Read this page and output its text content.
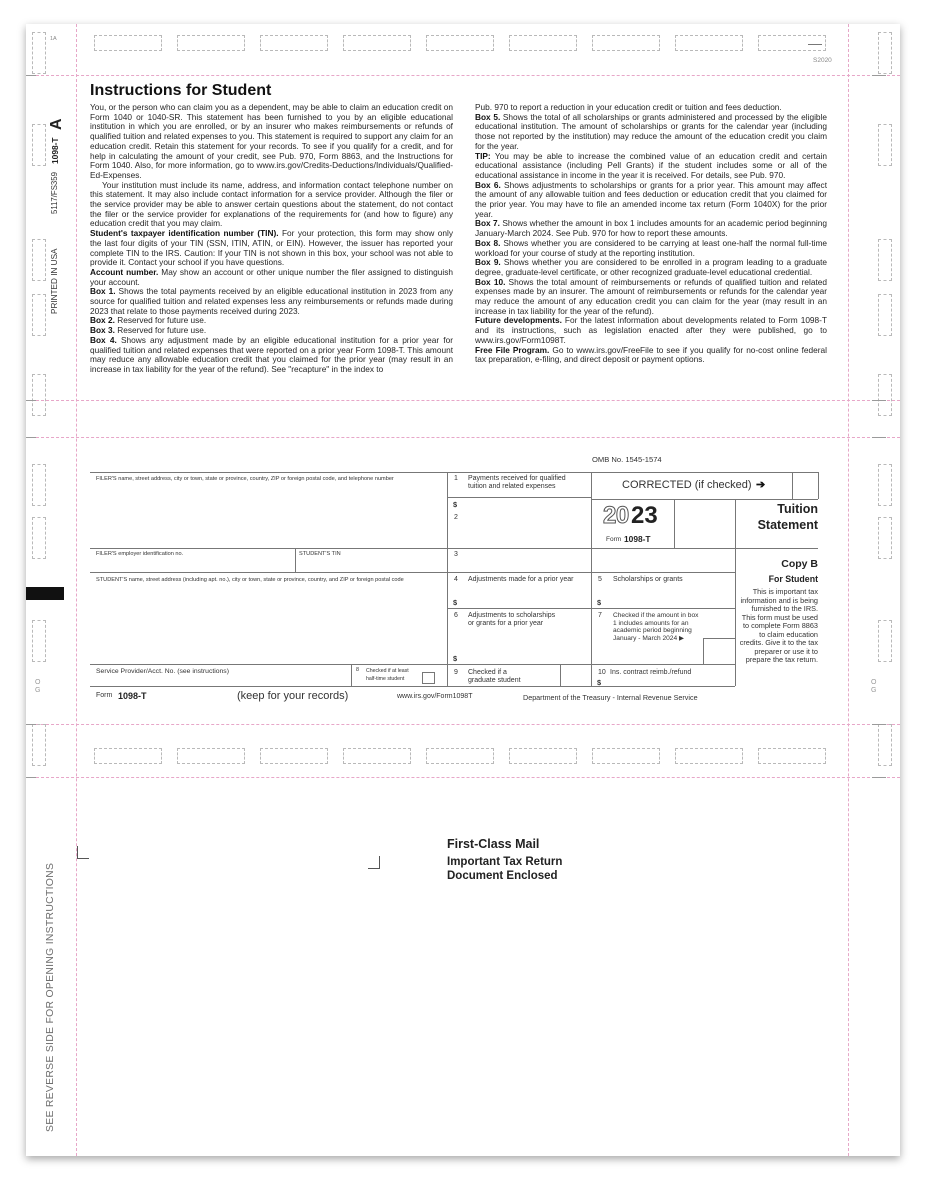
1A
S2020
A
1098-T
5117/FS359
PRINTED IN USA
SEE REVERSE SIDE FOR OPENING INSTRUCTIONS
O
G
O
G
Instructions for Student

You, or the person who can claim you as a dependent, may be able to claim an education credit on Form 1040 or 1040-SR. This statement has been furnished to you by an eligible educational institution in which you are enrolled, or by an insurer who makes reimbursements or refunds of qualified tuition and related expenses to you. This statement is required to support any claim for an education credit. Retain this statement for your records. To see if you qualify for a credit, and for help in calculating the amount of your credit, see Pub. 970, Form 8863, and the Instructions for Form 1040. Also, for more information, go to www.irs.gov/Credits-Deductions/Individuals/Qualified-Ed-Expenses.

Your institution must include its name, address, and information contact telephone number on this statement. It may also include contact information for a service provider. Although the filer or the service provider may be able to answer certain questions about the statement, do not contact the filer or the service provider for explanations of the requirements for (and how to figure) any education credit that you may claim.

Student's taxpayer identification number (TIN). For your protection, this form may show only the last four digits of your TIN (SSN, ITIN, ATIN, or EIN). However, the issuer has reported your complete TIN to the IRS. Caution: If your TIN is not shown in this box, your school was not able to provide it. Contact your school if you have questions.

Account number. May show an account or other unique number the filer assigned to distinguish your account.

Box 1. Shows the total payments received by an eligible educational institution in 2023 from any source for qualified tuition and related expenses less any reimbursements or refunds made during 2023 that relate to those payments received during 2023.

Box 2. Reserved for future use.

Box 3. Reserved for future use.

Box 4. Shows any adjustment made by an eligible educational institution for a prior year for qualified tuition and related expenses that were reported on a prior year Form 1098-T. This amount may reduce any allowable education credit that you claimed for the prior year (may result in an increase in tax liability for the year of the refund). See "recapture" in the index to

Pub. 970 to report a reduction in your education credit or tuition and fees deduction.

Box 5. Shows the total of all scholarships or grants administered and processed by the eligible educational institution. The amount of scholarships or grants for the calendar year (including those not reported by the institution) may reduce the amount of the education credit you claim for the year.

TIP: You may be able to increase the combined value of an education credit and certain educational assistance (including Pell Grants) if the student includes some or all of the educational assistance in income in the year it is received. For details, see Pub. 970.

Box 6. Shows adjustments to scholarships or grants for a prior year. This amount may affect the amount of any allowable tuition and fees deduction or education credit that you claimed for the prior year. You may have to file an amended income tax return (Form 1040X) for the prior year.

Box 7. Shows whether the amount in box 1 includes amounts for an academic period beginning January-March 2024. See Pub. 970 for how to report these amounts.

Box 8. Shows whether you are considered to be carrying at least one-half the normal full-time workload for your course of study at the reporting institution.

Box 9. Shows whether you are considered to be enrolled in a program leading to a graduate degree, graduate-level certificate, or other recognized graduate-level educational credential.

Box 10. Shows the total amount of reimbursements or refunds of qualified tuition and related expenses made by an insurer. The amount of reimbursements or refunds for the calendar year may reduce the amount of any education credit you can claim for the year (may result in an increase in tax liability for the year of the refund).

Future developments. For the latest information about developments related to Form 1098-T and its instructions, such as legislation enacted after they were published, go to www.irs.gov/Form1098T.

Free File Program. Go to www.irs.gov/FreeFile to see if you qualify for no-cost online federal tax preparation, e-filing, and direct deposit or payment options.

OMB No. 1545-1574
FILER'S name, street address, city or town, state or province, country, ZIP or foreign postal code, and telephone number
FILER'S employer identification no.	STUDENT'S TIN
STUDENT'S name, street address (including apt. no.), city or town, state or province, country, and ZIP or foreign postal code
Service Provider/Acct. No. (see instructions)	8 Checked if at least half-time student
1 Payments received for qualified tuition and related expenses
$
2
3
4 Adjustments made for a prior year
$
5 Scholarships or grants
$
6 Adjustments to scholarships or grants for a prior year
$
7 Checked if the amount in box 1 includes amounts for an academic period beginning January - March 2024 ▶
9 Checked if a graduate student
10 Ins. contract reimb./refund
$
CORRECTED (if checked) ➔
20 23
Form 1098-T
Tuition
Statement
Copy B
For Student
This is important tax information and is being furnished to the IRS. This form must be used to complete Form 8863 to claim education credits. Give it to the tax preparer or use it to prepare the tax return.
Form 1098-T	(keep for your records)	www.irs.gov/Form1098T	Department of the Treasury - Internal Revenue Service
First-Class Mail
Important Tax Return
Document Enclosed
